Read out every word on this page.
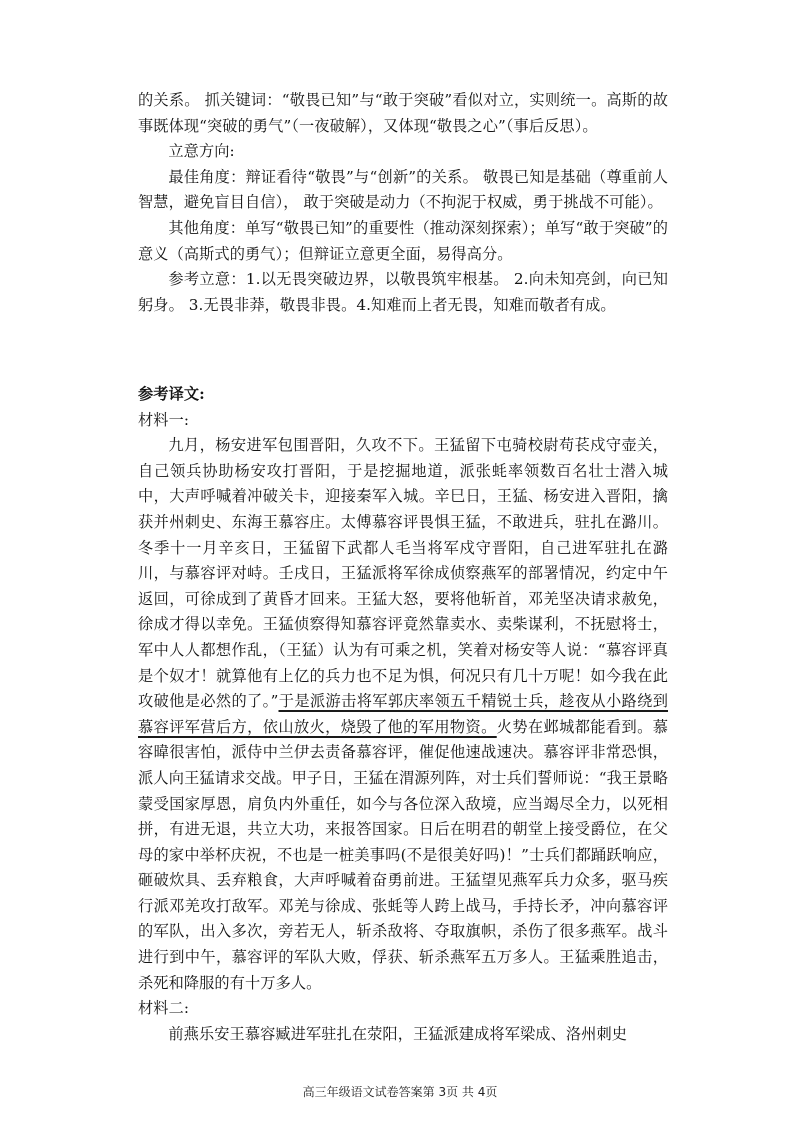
的关系。 抓关键词：“敬畏已知”与“敢于突破”看似对立，实则统一。高斯的故事既体现“突破的勇气”（一夜破解），又体现“敬畏之心”（事后反思）。

立意方向:

最佳角度：辩证看待“敬畏”与“创新”的关系。 敬畏已知是基础（尊重前人智慧，避免盲目自信）， 敢于突破是动力（不拘泥于权威，勇于挑战不可能）。

其他角度：单写“敬畏已知”的重要性（推动深刻探索）；单写“敢于突破”的意义（高斯式的勇气）；但辩证立意更全面，易得高分。

参考立意：1.以无畏突破边界，以敬畏筑牢根基。 2.向未知亮剑，向已知躬身。 3.无畏非莽，敬畏非畏。4.知难而上者无畏，知难而敬者有成。

参考译文:

材料一:

九月，杨安进军包围晋阳，久攻不下。王猛留下屯骑校尉苟苌戍守壶关，自己领兵协助杨安攻打晋阳，于是挖掘地道，派张蚝率领数百名壮士潜入城中，大声呼喊着冲破关卡，迎接秦军入城。辛巳日，王猛、杨安进入晋阳，擒获并州刺史、东海王慕容庄。太傅慕容评畏惧王猛，不敢进兵，驻扎在潞川。冬季十一月辛亥日，王猛留下武都人毛当将军戍守晋阳，自己进军驻扎在潞川，与慕容评对峙。壬戌日，王猛派将军徐成侦察燕军的部署情况，约定中午返回，可徐成到了黄昏才回来。王猛大怒，要将他斩首，邓羌坚决请求赦免，徐成才得以幸免。王猛侦察得知慕容评竟然靠卖水、卖柴谋利，不抚慰将士，军中人人都想作乱，（王猛）认为有可乘之机，笑着对杨安等人说：“慕容评真是个奴才！就算他有上亿的兵力也不足为惧，何况只有几十万呢！如今我在此攻破他是必然的了。”于是派游击将军郭庆率领五千精锐士兵，趁夜从小路绕到慕容评军营后方，依山放火，烧毁了他的军用物资。火势在邺城都能看到。慕容暐很害怕，派侍中兰伊去责备慕容评，催促他速战速决。慕容评非常恐惧，派人向王猛请求交战。甲子日，王猛在渭源列阵，对士兵们誓师说：“我王景略蒙受国家厚恩，肩负内外重任，如今与各位深入敌境，应当竭尽全力，以死相拼，有进无退，共立大功，来报答国家。日后在明君的朝堂上接受爵位，在父母的家中举杯庆祝，不也是一桩美事吗(不是很美好吗)！”士兵们都踊跃响应，砸破炊具、丢弃粮食，大声呼喊着奋勇前进。王猛望见燕军兵力众多，驱马疾行派邓羌攻打敌军。邓羌与徐成、张蚝等人跨上战马，手持长矛，冲向慕容评的军队，出入多次，旁若无人，斩杀敌将、夺取旗帜，杀伤了很多燕军。战斗进行到中午，慕容评的军队大败，俘获、斩杀燕军五万多人。王猛乘胜追击，杀死和降服的有十万多人。

材料二:

前燕乐安王慕容臧进军驻扎在荥阳，王猛派建成将军梁成、洛州刺史

高三年级语文试卷答案第 3页 共 4页
